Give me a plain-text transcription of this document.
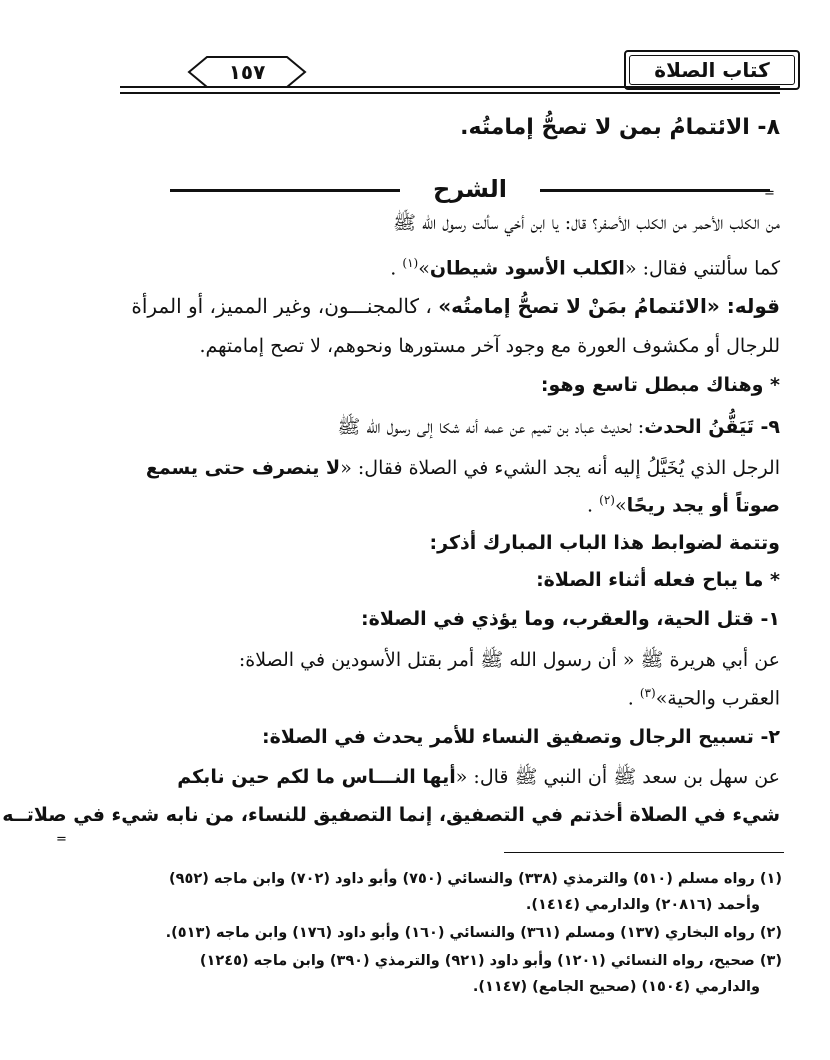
كتاب الصلاة
١٥٧
٨- الائتمامُ بمن لا تصحُّ إمامتُه.
الشرح	=
من الكلب الأحمر من الكلب الأصفر؟ قال: يا ابن أخي سألت رسول الله ﷺ
كما سألتني فقال: «الكلب الأسود شيطان»$^{(١)}$ .
قوله: «الائتمامُ بمَنْ لا تصحُّ إمامتُه» ، كالمجنـــون، وغير المميز، أو المرأة
للرجال أو مكشوف العورة مع وجود آخر مستورها ونحوهم، لا تصح إمامتهم.
* وهناك مبطل تاسع وهو:
٩- تَيَقُّنُ الحدث: لحديث عباد بن تميم عن عمه أنه شكا إلى رسول الله ﷺ
الرجل الذي يُخَيَّلُ إليه أنه يجد الشيء في الصلاة فقال: «لا ينصرف حتى يسمع
صوتاً أو يجد ريحًا»$^{(٢)}$ .
وتتمة لضوابط هذا الباب المبارك أذكر:
* ما يباح فعله أثناء الصلاة:
١- قتل الحية، والعقرب، وما يؤذي في الصلاة:
عن أبي هريرة ﷺ « أن رسول الله ﷺ أمر بقتل الأسودين في الصلاة:
العقرب والحية»$^{(٣)}$ .
٢- تسبيح الرجال وتصفيق النساء للأمر يحدث في الصلاة:
عن سهل بن سعد ﷺ أن النبي ﷺ قال: «أيها النـــاس ما لكم حين نابكم
شيء في الصلاة أخذتم في التصفيق، إنما التصفيق للنساء، من نابه شيء في صلاتــه
=
(١) رواه مسلم (٥١٠) والترمذي (٣٣٨) والنسائي (٧٥٠) وأبو داود (٧٠٢) وابن ماجه (٩٥٢)
وأحمد (٢٠٨١٦) والدارمي (١٤١٤).
(٢) رواه البخاري (١٣٧) ومسلم (٣٦١) والنسائي (١٦٠) وأبو داود (١٧٦) وابن ماجه (٥١٣).
(٣) صحيح، رواه النسائي (١٢٠١) وأبو داود (٩٢١) والترمذي (٣٩٠) وابن ماجه (١٢٤٥)
والدارمي (١٥٠٤) (صحيح الجامع) (١١٤٧).
